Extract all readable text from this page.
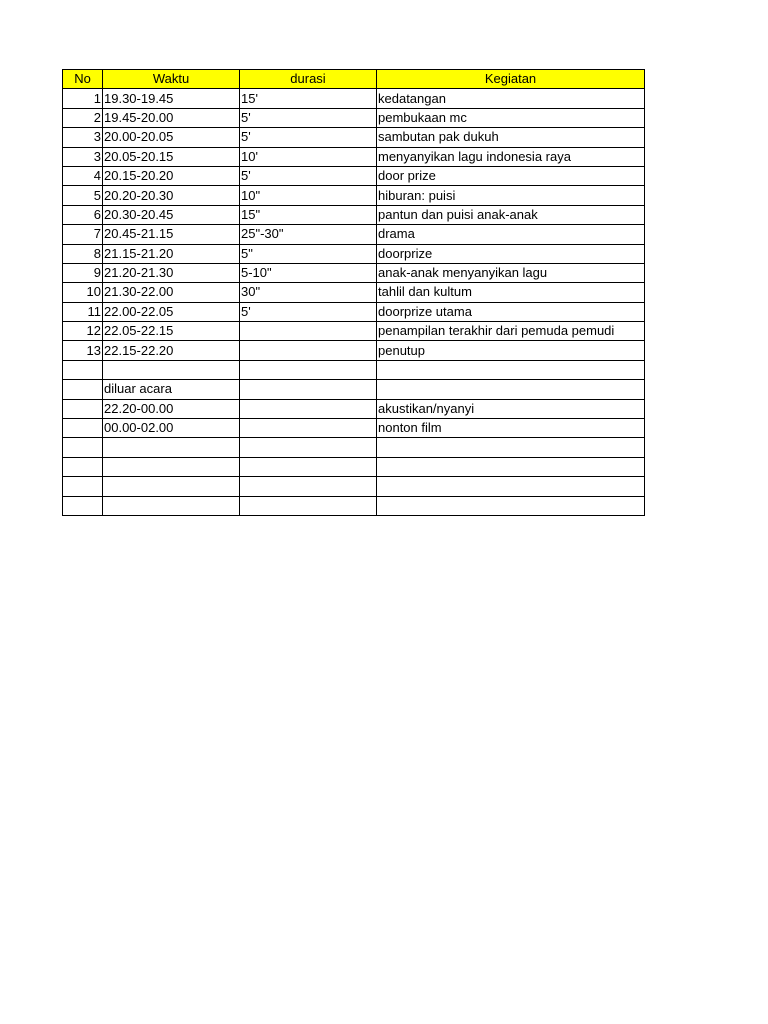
No	Waktu	durasi	Kegiatan
1	19.30-19.45	15'	kedatangan
2	19.45-20.00	5'	pembukaan mc
3	20.00-20.05	5'	sambutan pak dukuh
3	20.05-20.15	10'	menyanyikan lagu indonesia raya
4	20.15-20.20	5'	door prize
5	20.20-20.30	10"	hiburan: puisi
6	20.30-20.45	15"	pantun dan puisi anak-anak
7	20.45-21.15	25"-30"	drama
8	21.15-21.20	5"	doorprize
9	21.20-21.30	5-10"	anak-anak menyanyikan lagu
10	21.30-22.00	30"	tahlil dan kultum
11	22.00-22.05	5'	doorprize utama
12	22.05-22.15		penampilan terakhir dari pemuda pemudi
13	22.15-22.20		penutup

	diluar acara		
	22.20-00.00		akustikan/nyanyi
	00.00-02.00		nonton film
